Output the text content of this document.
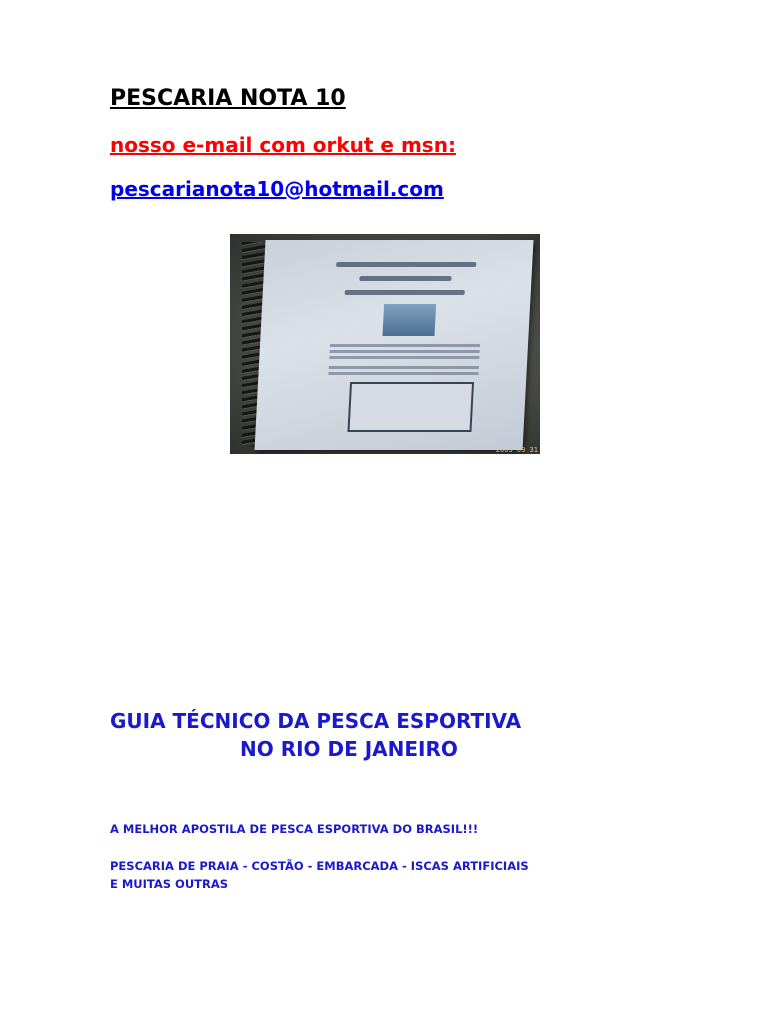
PESCARIA NOTA 10

nosso e-mail com orkut e msn:

pescarianota10@hotmail.com
2003 09 31
GUIA TÉCNICO DA PESCA ESPORTIVA
NO RIO DE JANEIRO

A MELHOR APOSTILA DE PESCA ESPORTIVA DO BRASIL!!!

PESCARIA DE PRAIA - COSTÃO - EMBARCADA - ISCAS ARTIFICIAIS
E MUITAS OUTRAS
